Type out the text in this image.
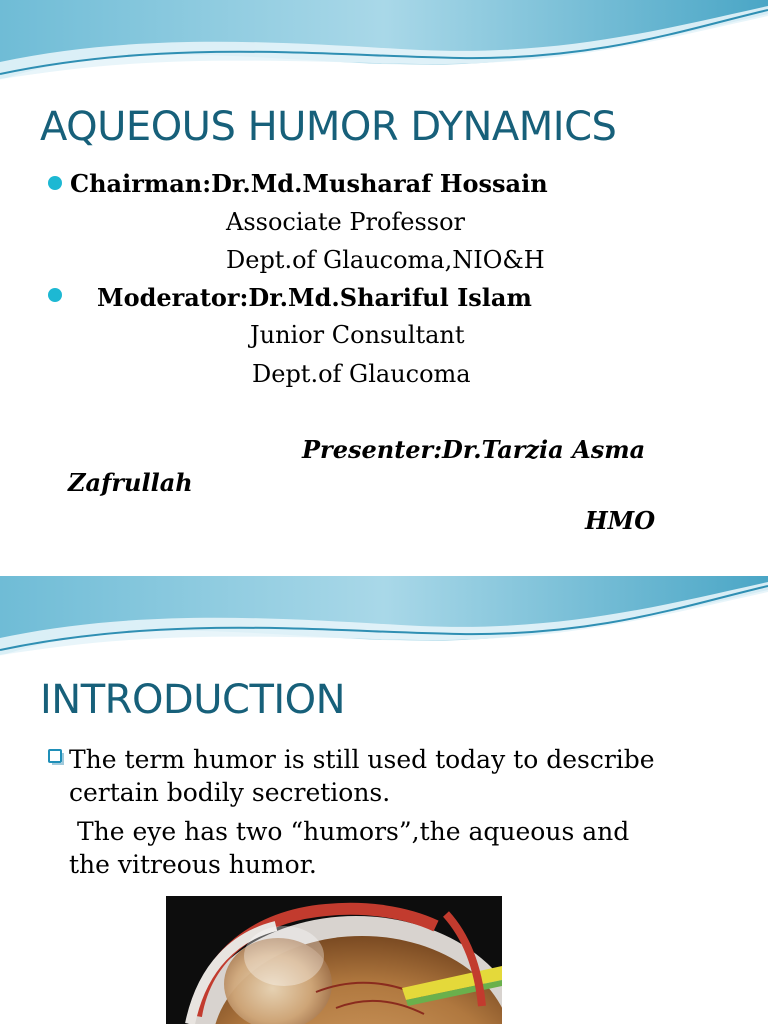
AQUEOUS HUMOR DYNAMICS
Chairman:Dr.Md.Musharaf Hossain
Associate Professor
Dept.of Glaucoma,NIO&H
Moderator:Dr.Md.Shariful Islam
Junior Consultant
Dept.of Glaucoma
Presenter:Dr.Tarzia Asma
Zafrullah
HMO
INTRODUCTION
The term humor is still used today to describe
certain bodily secretions.
The eye has two “humors”,the aqueous and
the vitreous humor.
